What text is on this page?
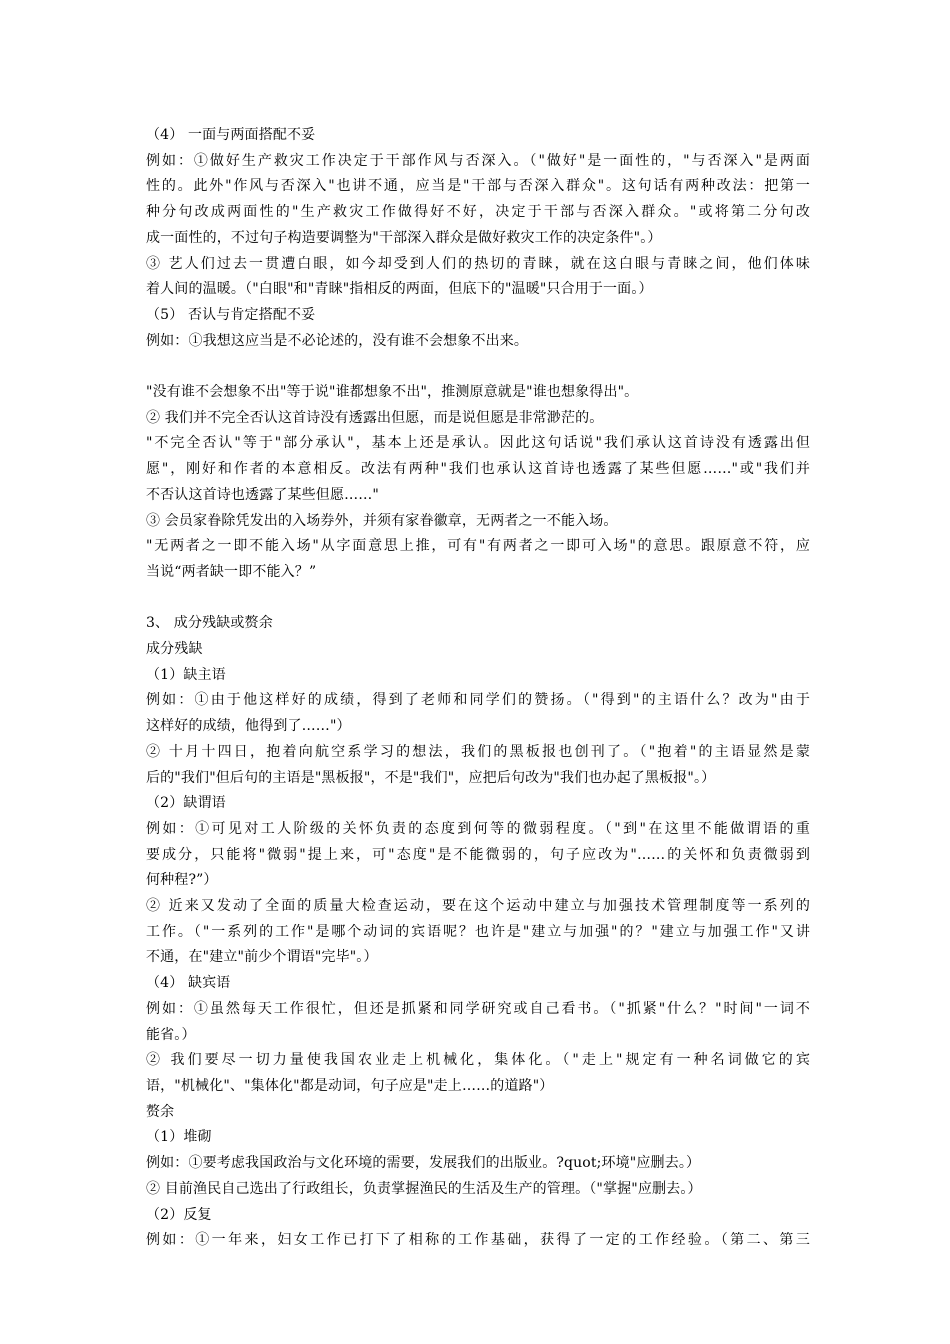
（4） 一面与两面搭配不妥
例如：①做好生产救灾工作决定于干部作风与否深入。（"做好"是一面性的，"与否深入"是两面
性的。此外"作风与否深入"也讲不通，应当是"干部与否深入群众"。这句话有两种改法：把第一
种分句改成两面性的"生产救灾工作做得好不好，决定于干部与否深入群众。"或将第二分句改
成一面性的，不过句子构造要调整为"干部深入群众是做好救灾工作的决定条件"。）
③ 艺人们过去一贯遭白眼，如今却受到人们的热切的青睐，就在这白眼与青睐之间，他们体味
着人间的温暖。（"白眼"和"青睐"指相反的两面，但底下的"温暖"只合用于一面。）
（5） 否认与肯定搭配不妥
例如：①我想这应当是不必论述的，没有谁不会想象不出来。
"没有谁不会想象不出"等于说"谁都想象不出"，推测原意就是"谁也想象得出"。
② 我们并不完全否认这首诗没有透露出但愿，而是说但愿是非常渺茫的。
"不完全否认"等于"部分承认"，基本上还是承认。因此这句话说"我们承认这首诗没有透露出但
愿"，刚好和作者的本意相反。改法有两种"我们也承认这首诗也透露了某些但愿……"或"我们并
不否认这首诗也透露了某些但愿……"
③ 会员家眷除凭发出的入场券外，并须有家眷徽章，无两者之一不能入场。
"无两者之一即不能入场"从字面意思上推，可有"有两者之一即可入场"的意思。跟原意不符，应
当说“两者缺一即不能入？”
3、 成分残缺或赘余
成分残缺
（1）缺主语
例如：①由于他这样好的成绩，得到了老师和同学们的赞扬。（"得到"的主语什么？改为"由于
这样好的成绩，他得到了……"）
② 十月十四日，抱着向航空系学习的想法，我们的黑板报也创刊了。（"抱着"的主语显然是蒙
后的"我们"但后句的主语是"黑板报"，不是"我们"，应把后句改为"我们也办起了黑板报"。）
（2）缺谓语
例如：①可见对工人阶级的关怀负责的态度到何等的微弱程度。（"到"在这里不能做谓语的重
要成分，只能将"微弱"提上来，可"态度"是不能微弱的，句子应改为"……的关怀和负责微弱到
何种程?”）
② 近来又发动了全面的质量大检查运动，要在这个运动中建立与加强技术管理制度等一系列的
工作。（"一系列的工作"是哪个动词的宾语呢？也许是"建立与加强"的？"建立与加强工作"又讲
不通，在"建立"前少个谓语"完毕"。）
（4） 缺宾语
例如：①虽然每天工作很忙，但还是抓紧和同学研究或自己看书。（"抓紧"什么？"时间"一词不
能省。）
② 我们要尽一切力量使我国农业走上机械化，集体化。（"走上"规定有一种名词做它的宾
语，"机械化"、"集体化"都是动词，句子应是"走上……的道路"）
赘余
（1）堆砌
例如：①要考虑我国政治与文化环境的需要，发展我们的出版业。?quot;环境"应删去。）
② 目前渔民自己选出了行政组长，负责掌握渔民的生活及生产的管理。（"掌握"应删去。）
（2）反复
例如：①一年来，妇女工作已打下了相称的工作基础，获得了一定的工作经验。（第二、第三
